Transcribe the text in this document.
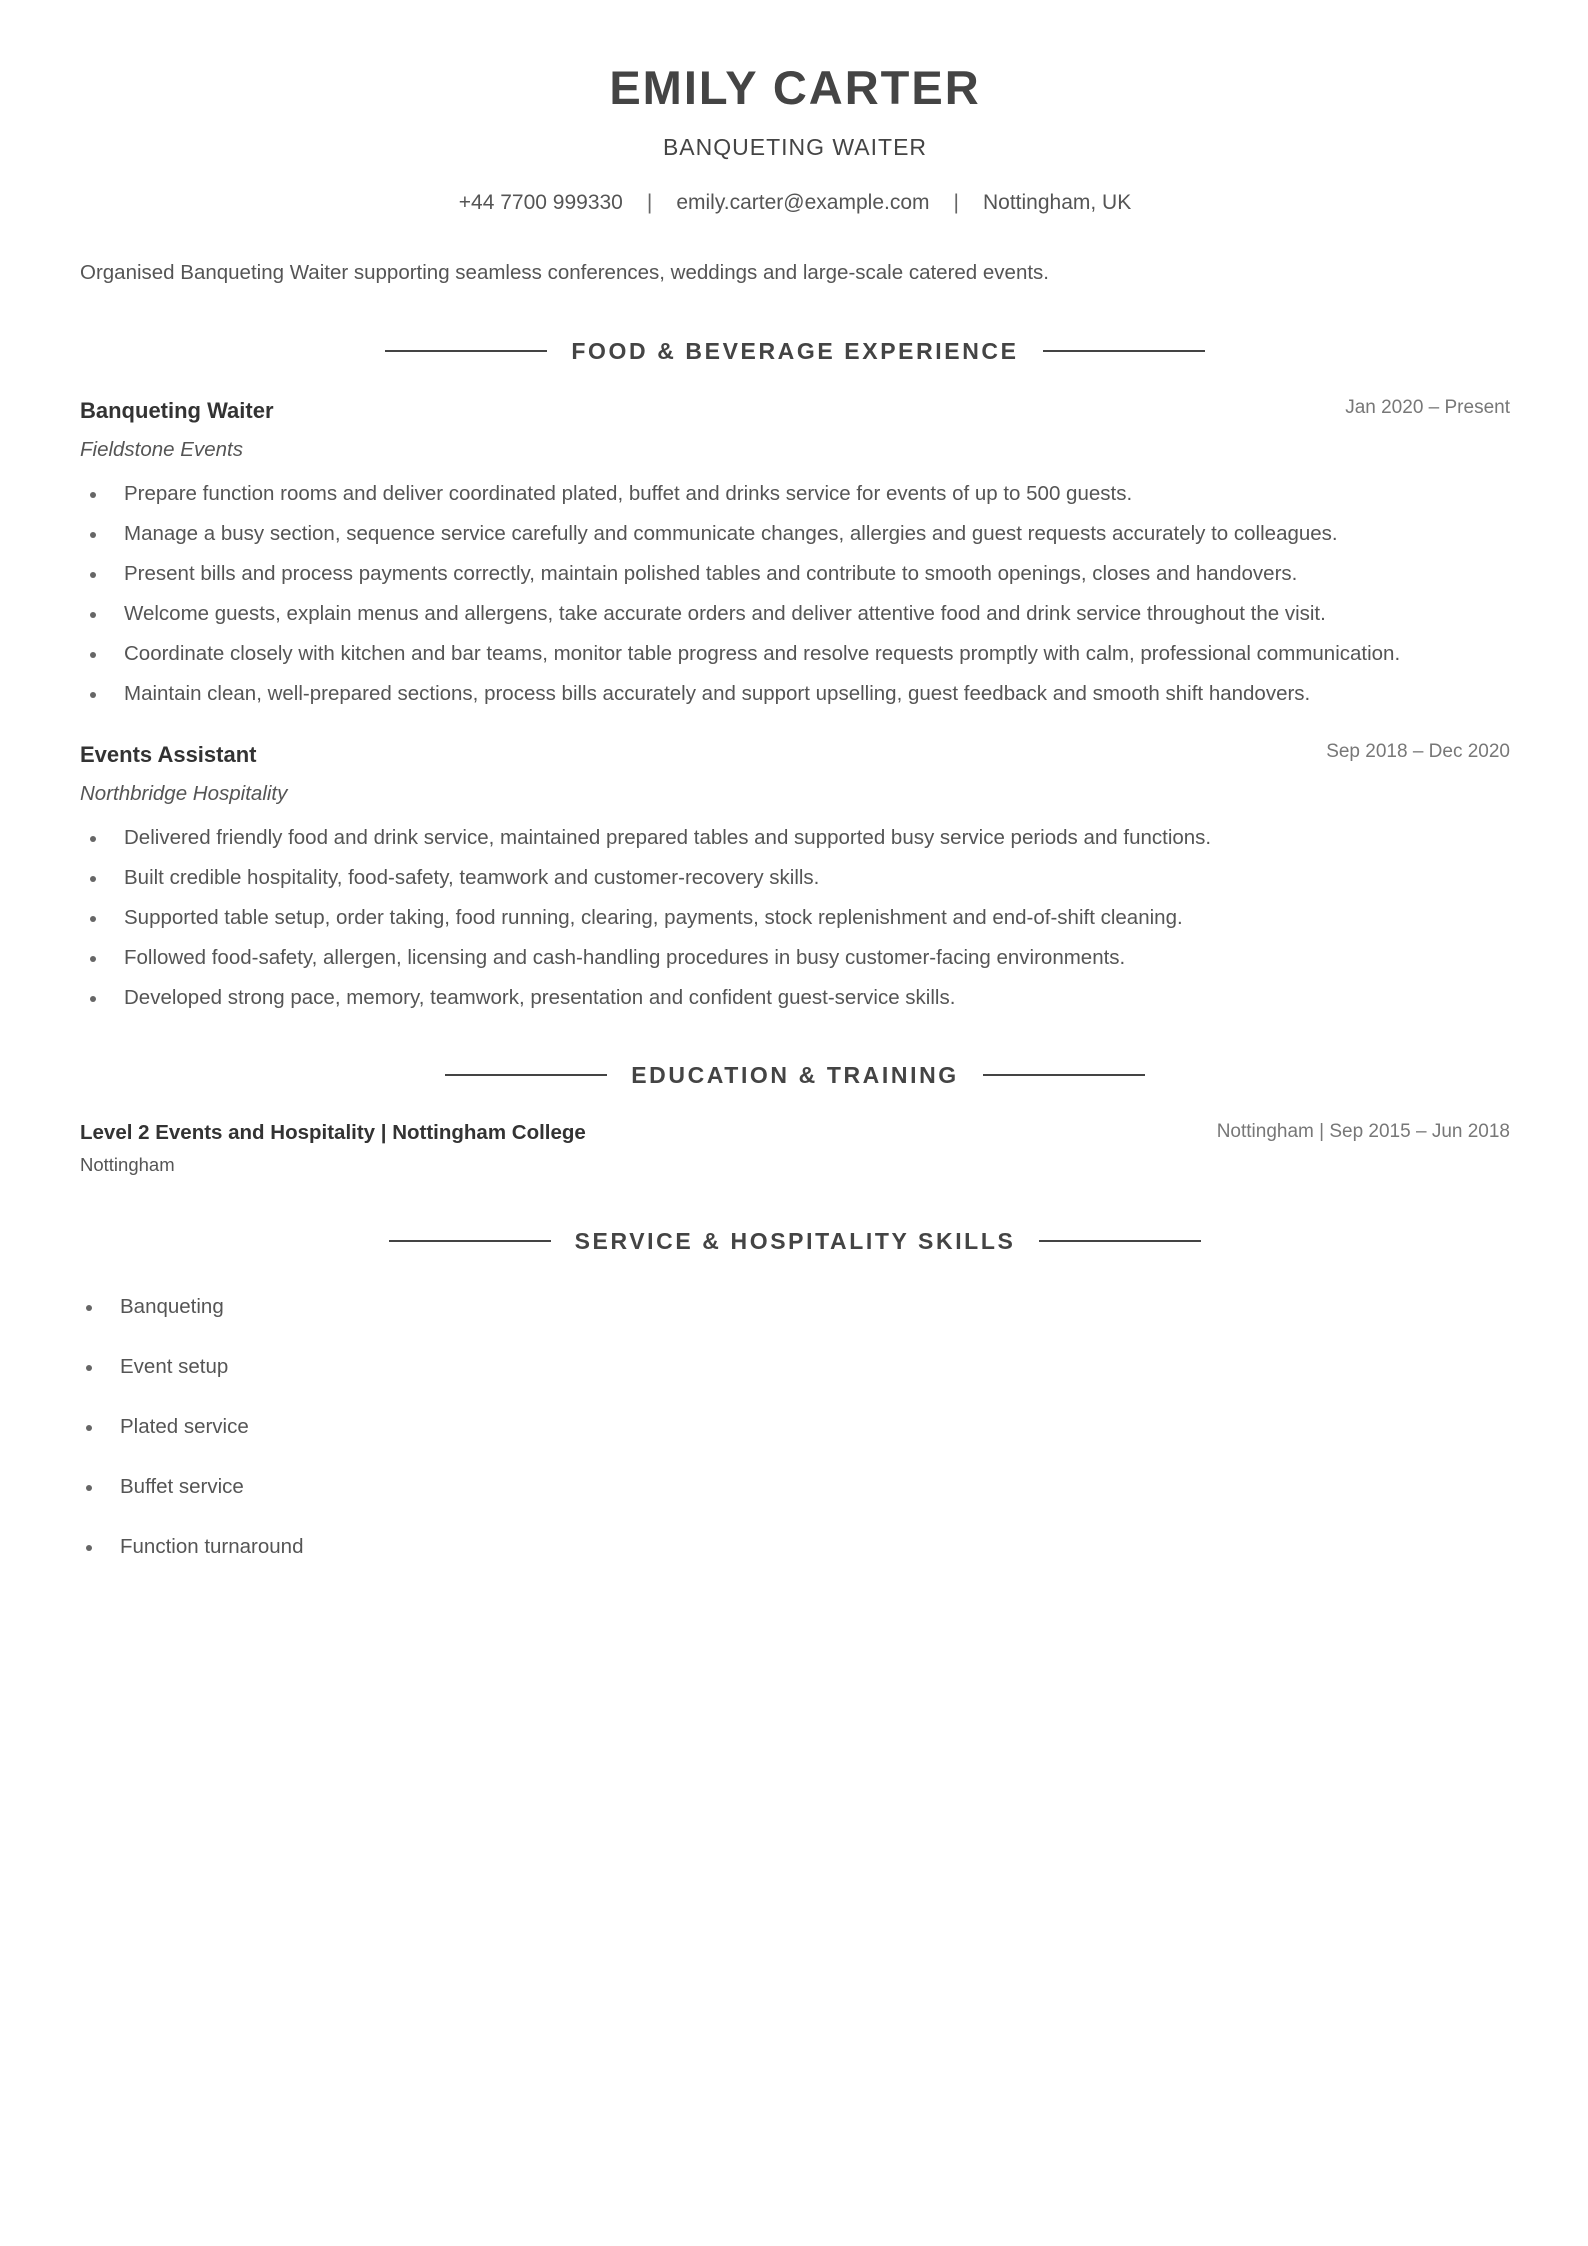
EMILY CARTER
BANQUETING WAITER
+44 7700 999330 | emily.carter@example.com | Nottingham, UK
Organised Banqueting Waiter supporting seamless conferences, weddings and large-scale catered events.
FOOD & BEVERAGE EXPERIENCE
Banqueting Waiter	Jan 2020 – Present
Fieldstone Events
Prepare function rooms and deliver coordinated plated, buffet and drinks service for events of up to 500 guests.
Manage a busy section, sequence service carefully and communicate changes, allergies and guest requests accurately to colleagues.
Present bills and process payments correctly, maintain polished tables and contribute to smooth openings, closes and handovers.
Welcome guests, explain menus and allergens, take accurate orders and deliver attentive food and drink service throughout the visit.
Coordinate closely with kitchen and bar teams, monitor table progress and resolve requests promptly with calm, professional communication.
Maintain clean, well-prepared sections, process bills accurately and support upselling, guest feedback and smooth shift handovers.
Events Assistant	Sep 2018 – Dec 2020
Northbridge Hospitality
Delivered friendly food and drink service, maintained prepared tables and supported busy service periods and functions.
Built credible hospitality, food-safety, teamwork and customer-recovery skills.
Supported table setup, order taking, food running, clearing, payments, stock replenishment and end-of-shift cleaning.
Followed food-safety, allergen, licensing and cash-handling procedures in busy customer-facing environments.
Developed strong pace, memory, teamwork, presentation and confident guest-service skills.
EDUCATION & TRAINING
Level 2 Events and Hospitality | Nottingham College	Nottingham | Sep 2015 – Jun 2018
Nottingham
SERVICE & HOSPITALITY SKILLS
Banqueting
Event setup
Plated service
Buffet service
Function turnaround
